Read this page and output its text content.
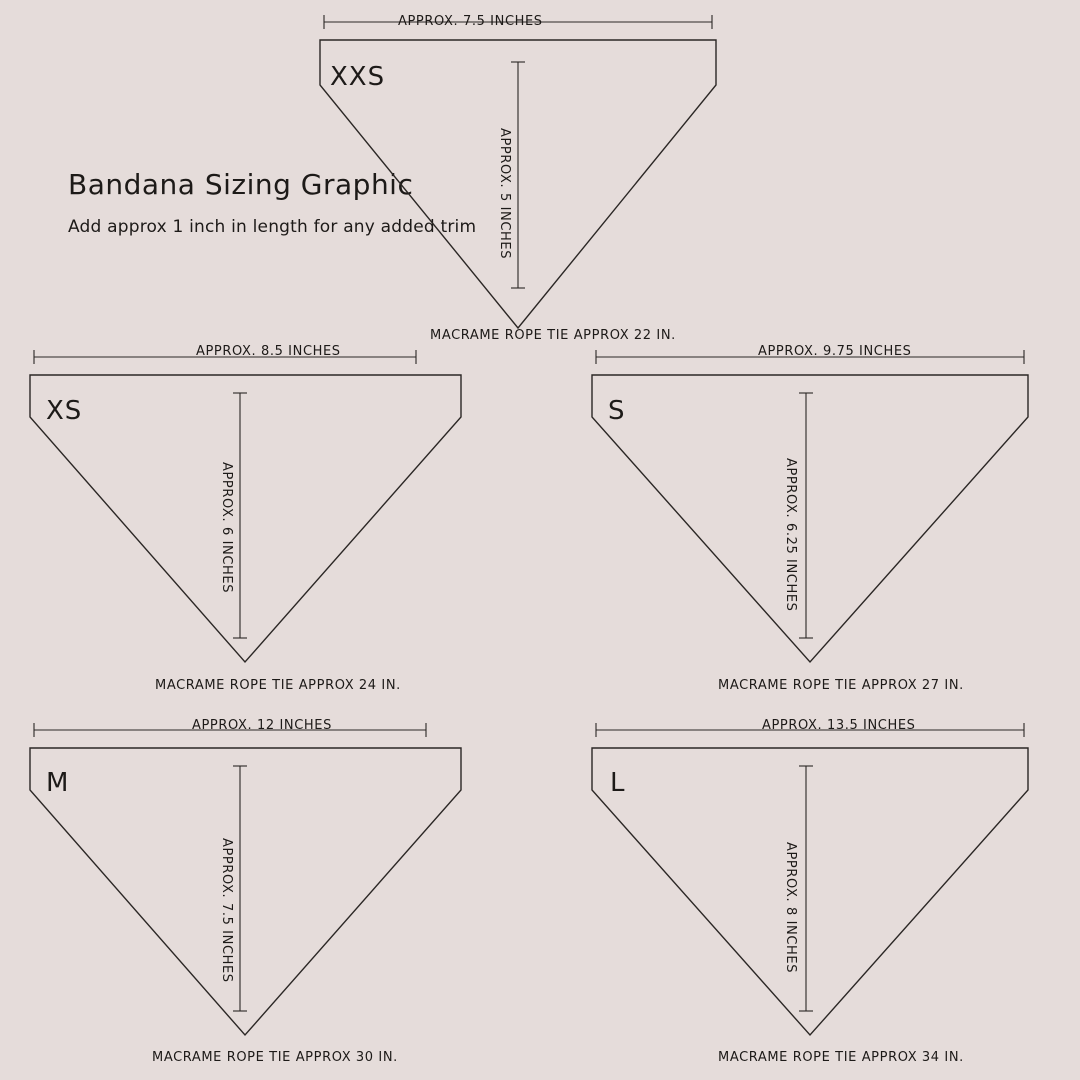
Bandana Sizing Graphic
Add approx 1 inch in length for any added trim
XXS
APPROX. 7.5 INCHES
APPROX. 5 INCHES
MACRAME ROPE TIE APPROX 22 IN.
XS
APPROX. 8.5 INCHES
APPROX. 6 INCHES
MACRAME ROPE TIE APPROX 24 IN.
S
APPROX. 9.75 INCHES
APPROX. 6.25 INCHES
MACRAME ROPE TIE APPROX 27 IN.
M
APPROX. 12 INCHES
APPROX. 7.5 INCHES
MACRAME ROPE TIE APPROX 30 IN.
L
APPROX. 13.5 INCHES
APPROX. 8 INCHES
MACRAME ROPE TIE APPROX 34 IN.
